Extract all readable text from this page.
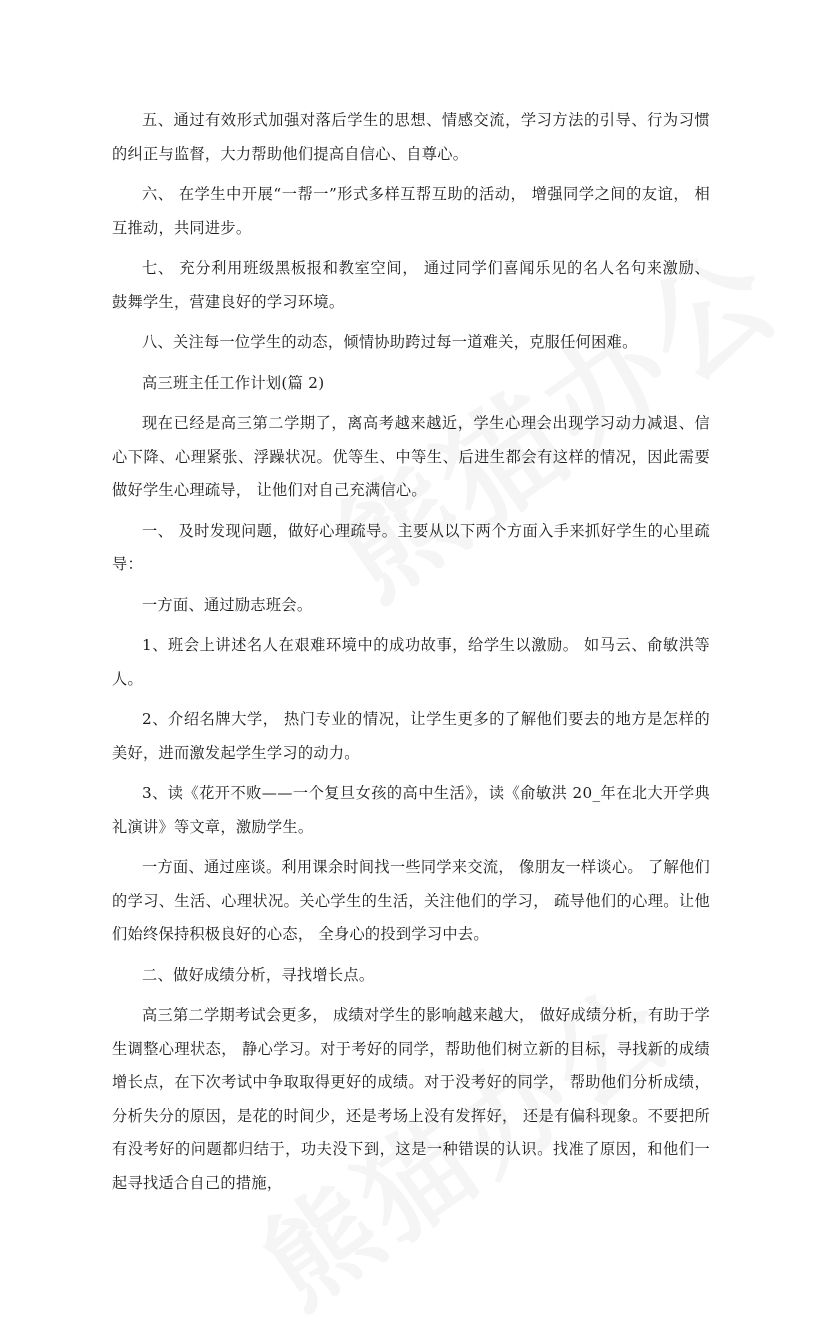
五、通过有效形式加强对落后学生的思想、情感交流，学习方法的引导、行为习惯的纠正与监督，大力帮助他们提高自信心、自尊心。

六、 在学生中开展“一帮一”形式多样互帮互助的活动， 增强同学之间的友谊， 相互推动，共同进步。

七、 充分利用班级黑板报和教室空间， 通过同学们喜闻乐见的名人名句来激励、 鼓舞学生，营建良好的学习环境。

八、关注每一位学生的动态，倾情协助跨过每一道难关，克服任何困难。

高三班主任工作计划(篇 2)

现在已经是高三第二学期了，离高考越来越近，学生心理会出现学习动力减退、信心下降、心理紧张、浮躁状况。优等生、中等生、后进生都会有这样的情况，因此需要做好学生心理疏导， 让他们对自己充满信心。

一、 及时发现问题，做好心理疏导。主要从以下两个方面入手来抓好学生的心里疏导：

一方面、通过励志班会。

1、班会上讲述名人在艰难环境中的成功故事，给学生以激励。 如马云、俞敏洪等人。

2、介绍名牌大学， 热门专业的情况，让学生更多的了解他们要去的地方是怎样的美好，进而激发起学生学习的动力。

3、读《花开不败——一个复旦女孩的高中生活》，读《俞敏洪 20_年在北大开学典礼演讲》等文章，激励学生。

一方面、通过座谈。利用课余时间找一些同学来交流， 像朋友一样谈心。 了解他们的学习、生活、心理状况。关心学生的生活，关注他们的学习， 疏导他们的心理。让他们始终保持积极良好的心态， 全身心的投到学习中去。

二、做好成绩分析，寻找增长点。

高三第二学期考试会更多， 成绩对学生的影响越来越大， 做好成绩分析，有助于学生调整心理状态， 静心学习。对于考好的同学，帮助他们树立新的目标，寻找新的成绩增长点，在下次考试中争取取得更好的成绩。对于没考好的同学， 帮助他们分析成绩，分析失分的原因，是花的时间少，还是考场上没有发挥好， 还是有偏科现象。不要把所有没考好的问题都归结于，功夫没下到，这是一种错误的认识。找准了原因，和他们一起寻找适合自己的措施，
